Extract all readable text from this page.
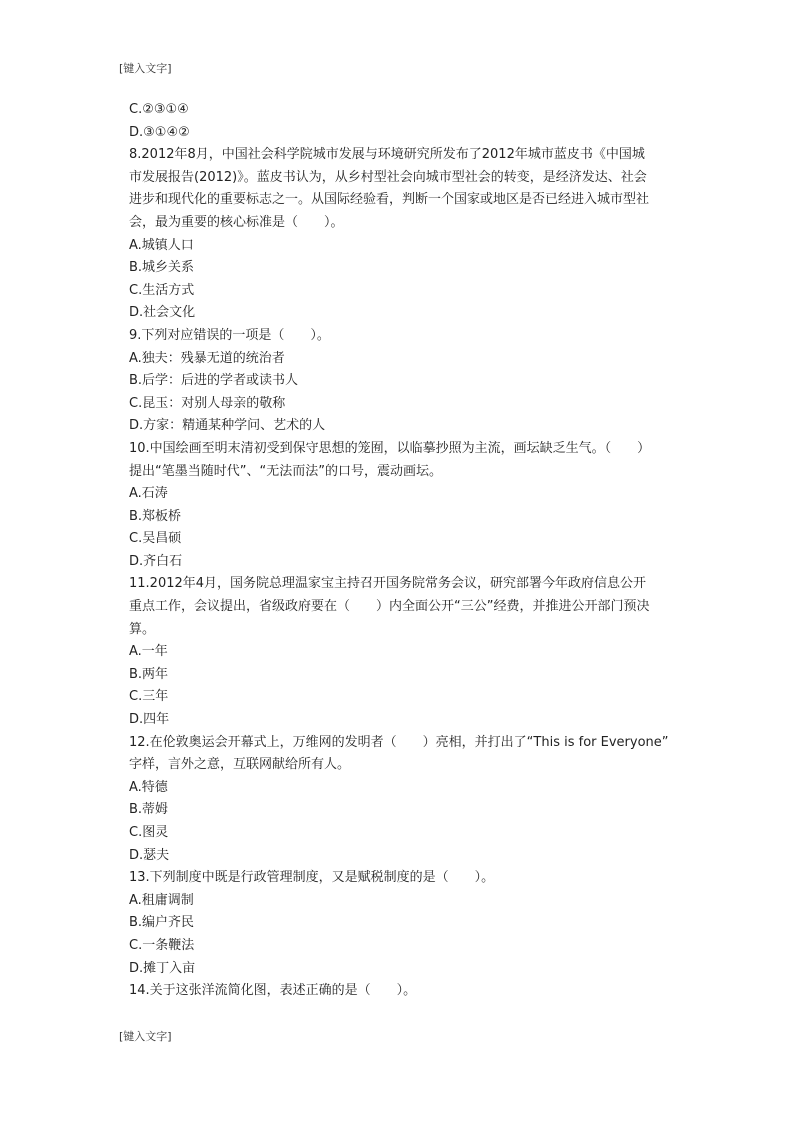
[键入文字]
C.②③①④
D.③①④②
8.2012年8月，中国社会科学院城市发展与环境研究所发布了2012年城市蓝皮书《中国城
市发展报告(2012)》。蓝皮书认为，从乡村型社会向城市型社会的转变，是经济发达、社会
进步和现代化的重要标志之一。从国际经验看，判断一个国家或地区是否已经进入城市型社
会，最为重要的核心标准是（　　）。
A.城镇人口
B.城乡关系
C.生活方式
D.社会文化
9.下列对应错误的一项是（　　）。
A.独夫：残暴无道的统治者
B.后学：后进的学者或读书人
C.昆玉：对别人母亲的敬称
D.方家：精通某种学问、艺术的人
10.中国绘画至明末清初受到保守思想的笼囿，以临摹抄照为主流，画坛缺乏生气。（　　）
提出“笔墨当随时代”、“无法而法”的口号，震动画坛。
A.石涛
B.郑板桥
C.吴昌硕
D.齐白石
11.2012年4月，国务院总理温家宝主持召开国务院常务会议，研究部署今年政府信息公开
重点工作，会议提出，省级政府要在（　　）内全面公开“三公”经费，并推进公开部门预决
算。
A.一年
B.两年
C.三年
D.四年
12.在伦敦奥运会开幕式上，万维网的发明者（　　）亮相，并打出了“This is for Everyone”
字样，言外之意，互联网献给所有人。
A.特德
B.蒂姆
C.图灵
D.瑟夫
13.下列制度中既是行政管理制度，又是赋税制度的是（　　）。
A.租庸调制
B.编户齐民
C.一条鞭法
D.摊丁入亩
14.关于这张洋流简化图，表述正确的是（　　）。
[键入文字]
